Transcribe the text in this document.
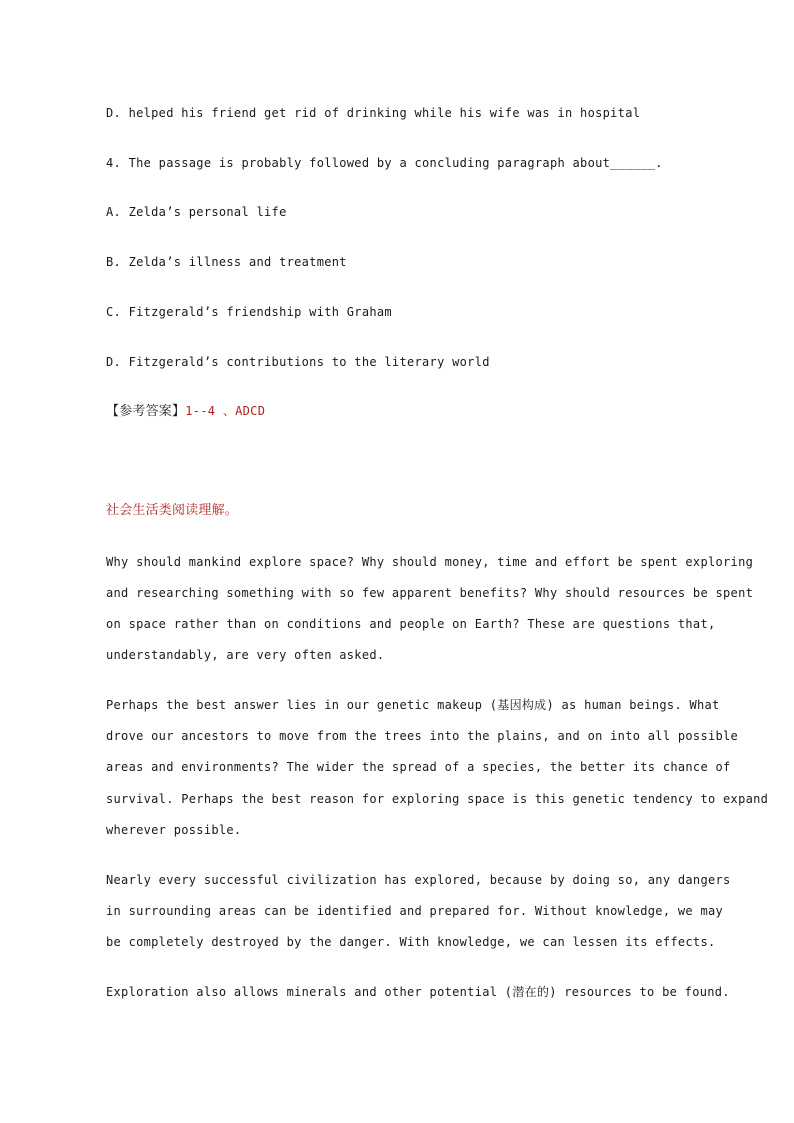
D. helped his friend get rid of drinking while his wife was in hospital
4. The passage is probably followed by a concluding paragraph about______.
A. Zelda’s personal life
B. Zelda’s illness and treatment
C. Fitzgerald’s friendship with Graham
D. Fitzgerald’s contributions to the literary world
【参考答案】1--4 、ADCD
社会生活类阅读理解。
Why should mankind explore space? Why should money, time and effort be spent exploring
and researching something with so few apparent benefits? Why should resources be spent
on space rather than on conditions and people on Earth? These are questions that,
understandably, are very often asked.
Perhaps the best answer lies in our genetic makeup (基因构成) as human beings. What
drove our ancestors to move from the trees into the plains, and on into all possible
areas and environments? The wider the spread of a species, the better its chance of
survival. Perhaps the best reason for exploring space is this genetic tendency to expand
wherever possible.
Nearly every successful civilization has explored, because by doing so, any dangers
in surrounding areas can be identified and prepared for. Without knowledge, we may
be completely destroyed by the danger. With knowledge, we can lessen its effects.
Exploration also allows minerals and other potential (潜在的) resources to be found.
